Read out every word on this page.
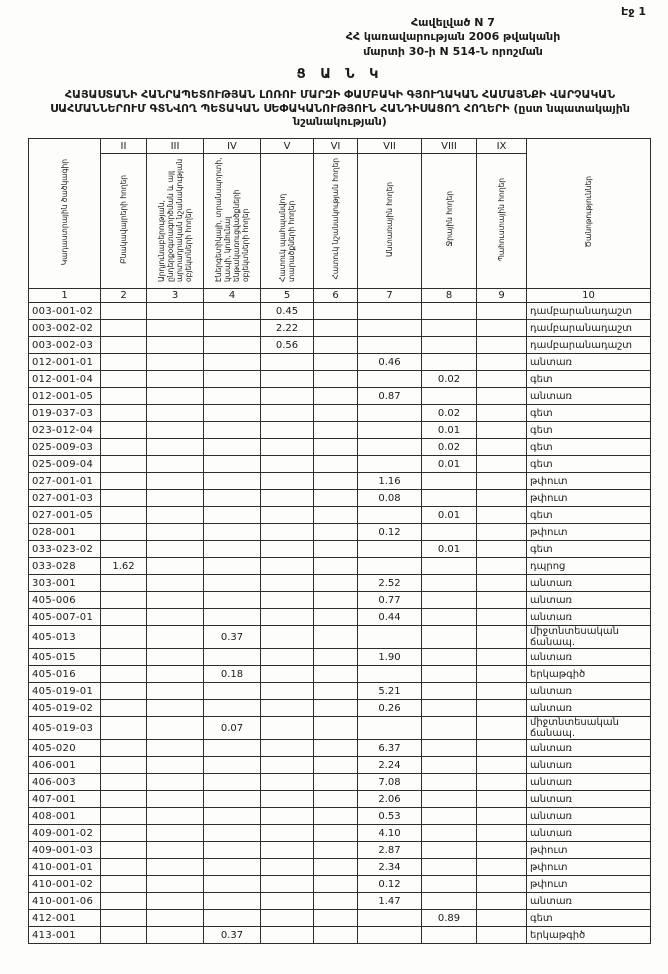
Էջ 1
Հավելված N 7
ՀՀ կառավարության 2006 թվականի
մարտի 30-ի N 514-Ն որոշման
Ց Ա Ն Կ
ՀԱՅԱՍՏԱՆԻ ՀԱՆՐԱՊԵՏՈՒԹՅԱՆ ԼՈՌՈՒ ՄԱՐԶԻ ՓԱՄԲԱԿԻ ԳՅՈՒՂԱԿԱՆ ՀԱՄԱՅՆՔԻ ՎԱՐՉԱԿԱՆ ՍԱՀՄԱՆՆԵՐՈՒՄ ԳՏՆՎՈՂ ՊԵՏԱԿԱՆ ՍԵՓԱԿԱՆՈՒԹՅՈՒՆ ՀԱՆԴԻՍԱՑՈՂ ՀՈՂԵՐԻ (ըստ նպատակային նշանակության)
Կադաստրային ծածկագիր	II	III	IV	V	VI	VII	VIII	IX	Ծանոթություններ
	Բնակավայրերի հողեր	Արդյունաբերության, ընդերքօգտագործման և այլ արտադրական նշանակության օբյեկտների հողեր	Էներգետիկայի, տրանսպորտի, կապի, կոմունալ ենթակառուցվածքների օբյեկտների հողեր	Հատուկ պահպանվող տարածքների հողեր	Հատուկ նշանակության հողեր	Անտառային հողեր	Ջրային հողեր	Պահուստային հողեր	
1	2	3	4	5	6	7	8	9	10
003-001-02				0.45					դամբարանադաշտ
003-002-02				2.22					դամբարանադաշտ
003-002-03				0.56					դամբարանադաշտ
012-001-01						0.46			անտառ
012-001-04							0.02		գետ
012-001-05						0.87			անտառ
019-037-03							0.02		գետ
023-012-04							0.01		գետ
025-009-03							0.02		գետ
025-009-04							0.01		գետ
027-001-01						1.16			թփուտ
027-001-03						0.08			թփուտ
027-001-05							0.01		գետ
028-001						0.12			թփուտ
033-023-02							0.01		գետ
033-028	1.62								դպրոց
303-001						2.52			անտառ
405-006						0.77			անտառ
405-007-01						0.44			անտառ
405-013			0.37						միջտնտեսական ճանապ.
405-015						1.90			անտառ
405-016			0.18						երկաթգիծ
405-019-01						5.21			անտառ
405-019-02						0.26			անտառ
405-019-03			0.07						միջտնտեսական ճանապ.
405-020						6.37			անտառ
406-001						2.24			անտառ
406-003						7.08			անտառ
407-001						2.06			անտառ
408-001						0.53			անտառ
409-001-02						4.10			անտառ
409-001-03						2.87			թփուտ
410-001-01						2.34			թփուտ
410-001-02						0.12			թփուտ
410-001-06						1.47			անտառ
412-001							0.89		գետ
413-001			0.37						երկաթգիծ
